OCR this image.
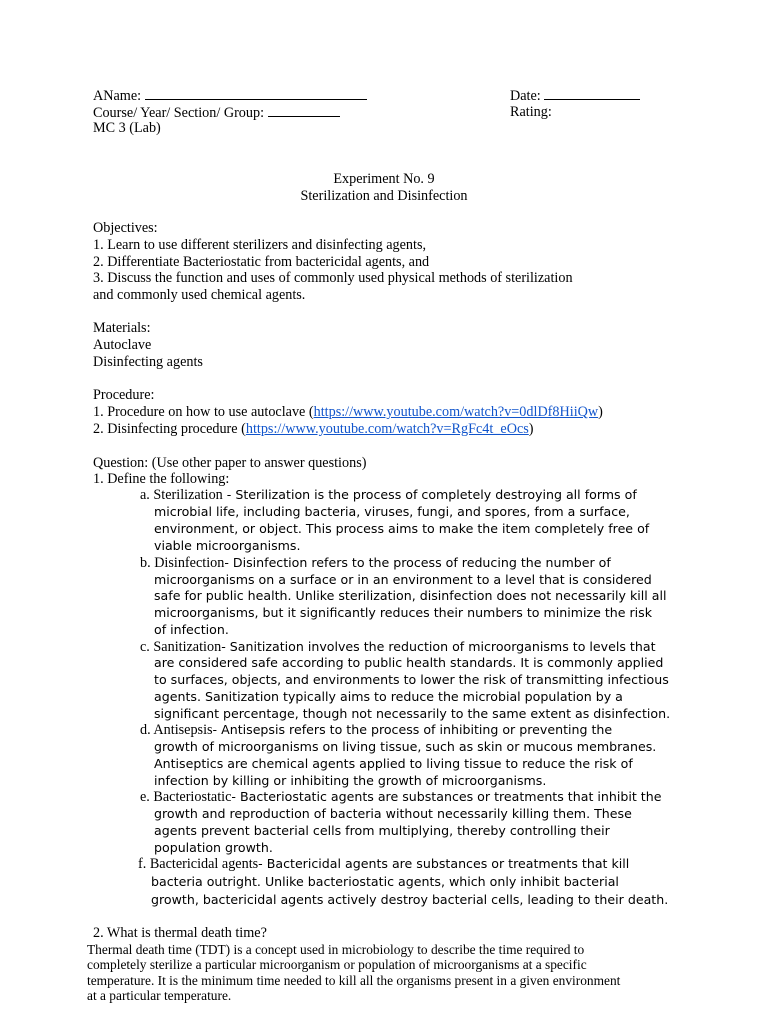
AName:	Date:
Course/ Year/ Section/ Group:	Rating:
MC 3 (Lab)
Experiment No. 9
Sterilization and Disinfection
Objectives:
1. Learn to use different sterilizers and disinfecting agents,
2. Differentiate Bacteriostatic from bactericidal agents, and
3. Discuss the function and uses of commonly used physical methods of sterilization
and commonly used chemical agents.
Materials:
Autoclave
Disinfecting agents
Procedure:
1. Procedure on how to use autoclave (https://www.youtube.com/watch?v=0dlDf8HiiQw)
2. Disinfecting procedure (https://www.youtube.com/watch?v=RgFc4t_eOcs)
Question: (Use other paper to answer questions)
1. Define the following:
a. Sterilization - Sterilization is the process of completely destroying all forms of
microbial life, including bacteria, viruses, fungi, and spores, from a surface,
environment, or object. This process aims to make the item completely free of
viable microorganisms.
b. Disinfection- Disinfection refers to the process of reducing the number of
microorganisms on a surface or in an environment to a level that is considered
safe for public health. Unlike sterilization, disinfection does not necessarily kill all
microorganisms, but it significantly reduces their numbers to minimize the risk
of infection.
c. Sanitization- Sanitization involves the reduction of microorganisms to levels that
are considered safe according to public health standards. It is commonly applied
to surfaces, objects, and environments to lower the risk of transmitting infectious
agents. Sanitization typically aims to reduce the microbial population by a
significant percentage, though not necessarily to the same extent as disinfection.
d. Antisepsis- Antisepsis refers to the process of inhibiting or preventing the
growth of microorganisms on living tissue, such as skin or mucous membranes.
Antiseptics are chemical agents applied to living tissue to reduce the risk of
infection by killing or inhibiting the growth of microorganisms.
e. Bacteriostatic- Bacteriostatic agents are substances or treatments that inhibit the
growth and reproduction of bacteria without necessarily killing them. These
agents prevent bacterial cells from multiplying, thereby controlling their
population growth.
f. Bactericidal agents- Bactericidal agents are substances or treatments that kill
bacteria outright. Unlike bacteriostatic agents, which only inhibit bacterial
growth, bactericidal agents actively destroy bacterial cells, leading to their death.
2. What is thermal death time?
Thermal death time (TDT) is a concept used in microbiology to describe the time required to
completely sterilize a particular microorganism or population of microorganisms at a specific
temperature. It is the minimum time needed to kill all the organisms present in a given environment
at a particular temperature.
